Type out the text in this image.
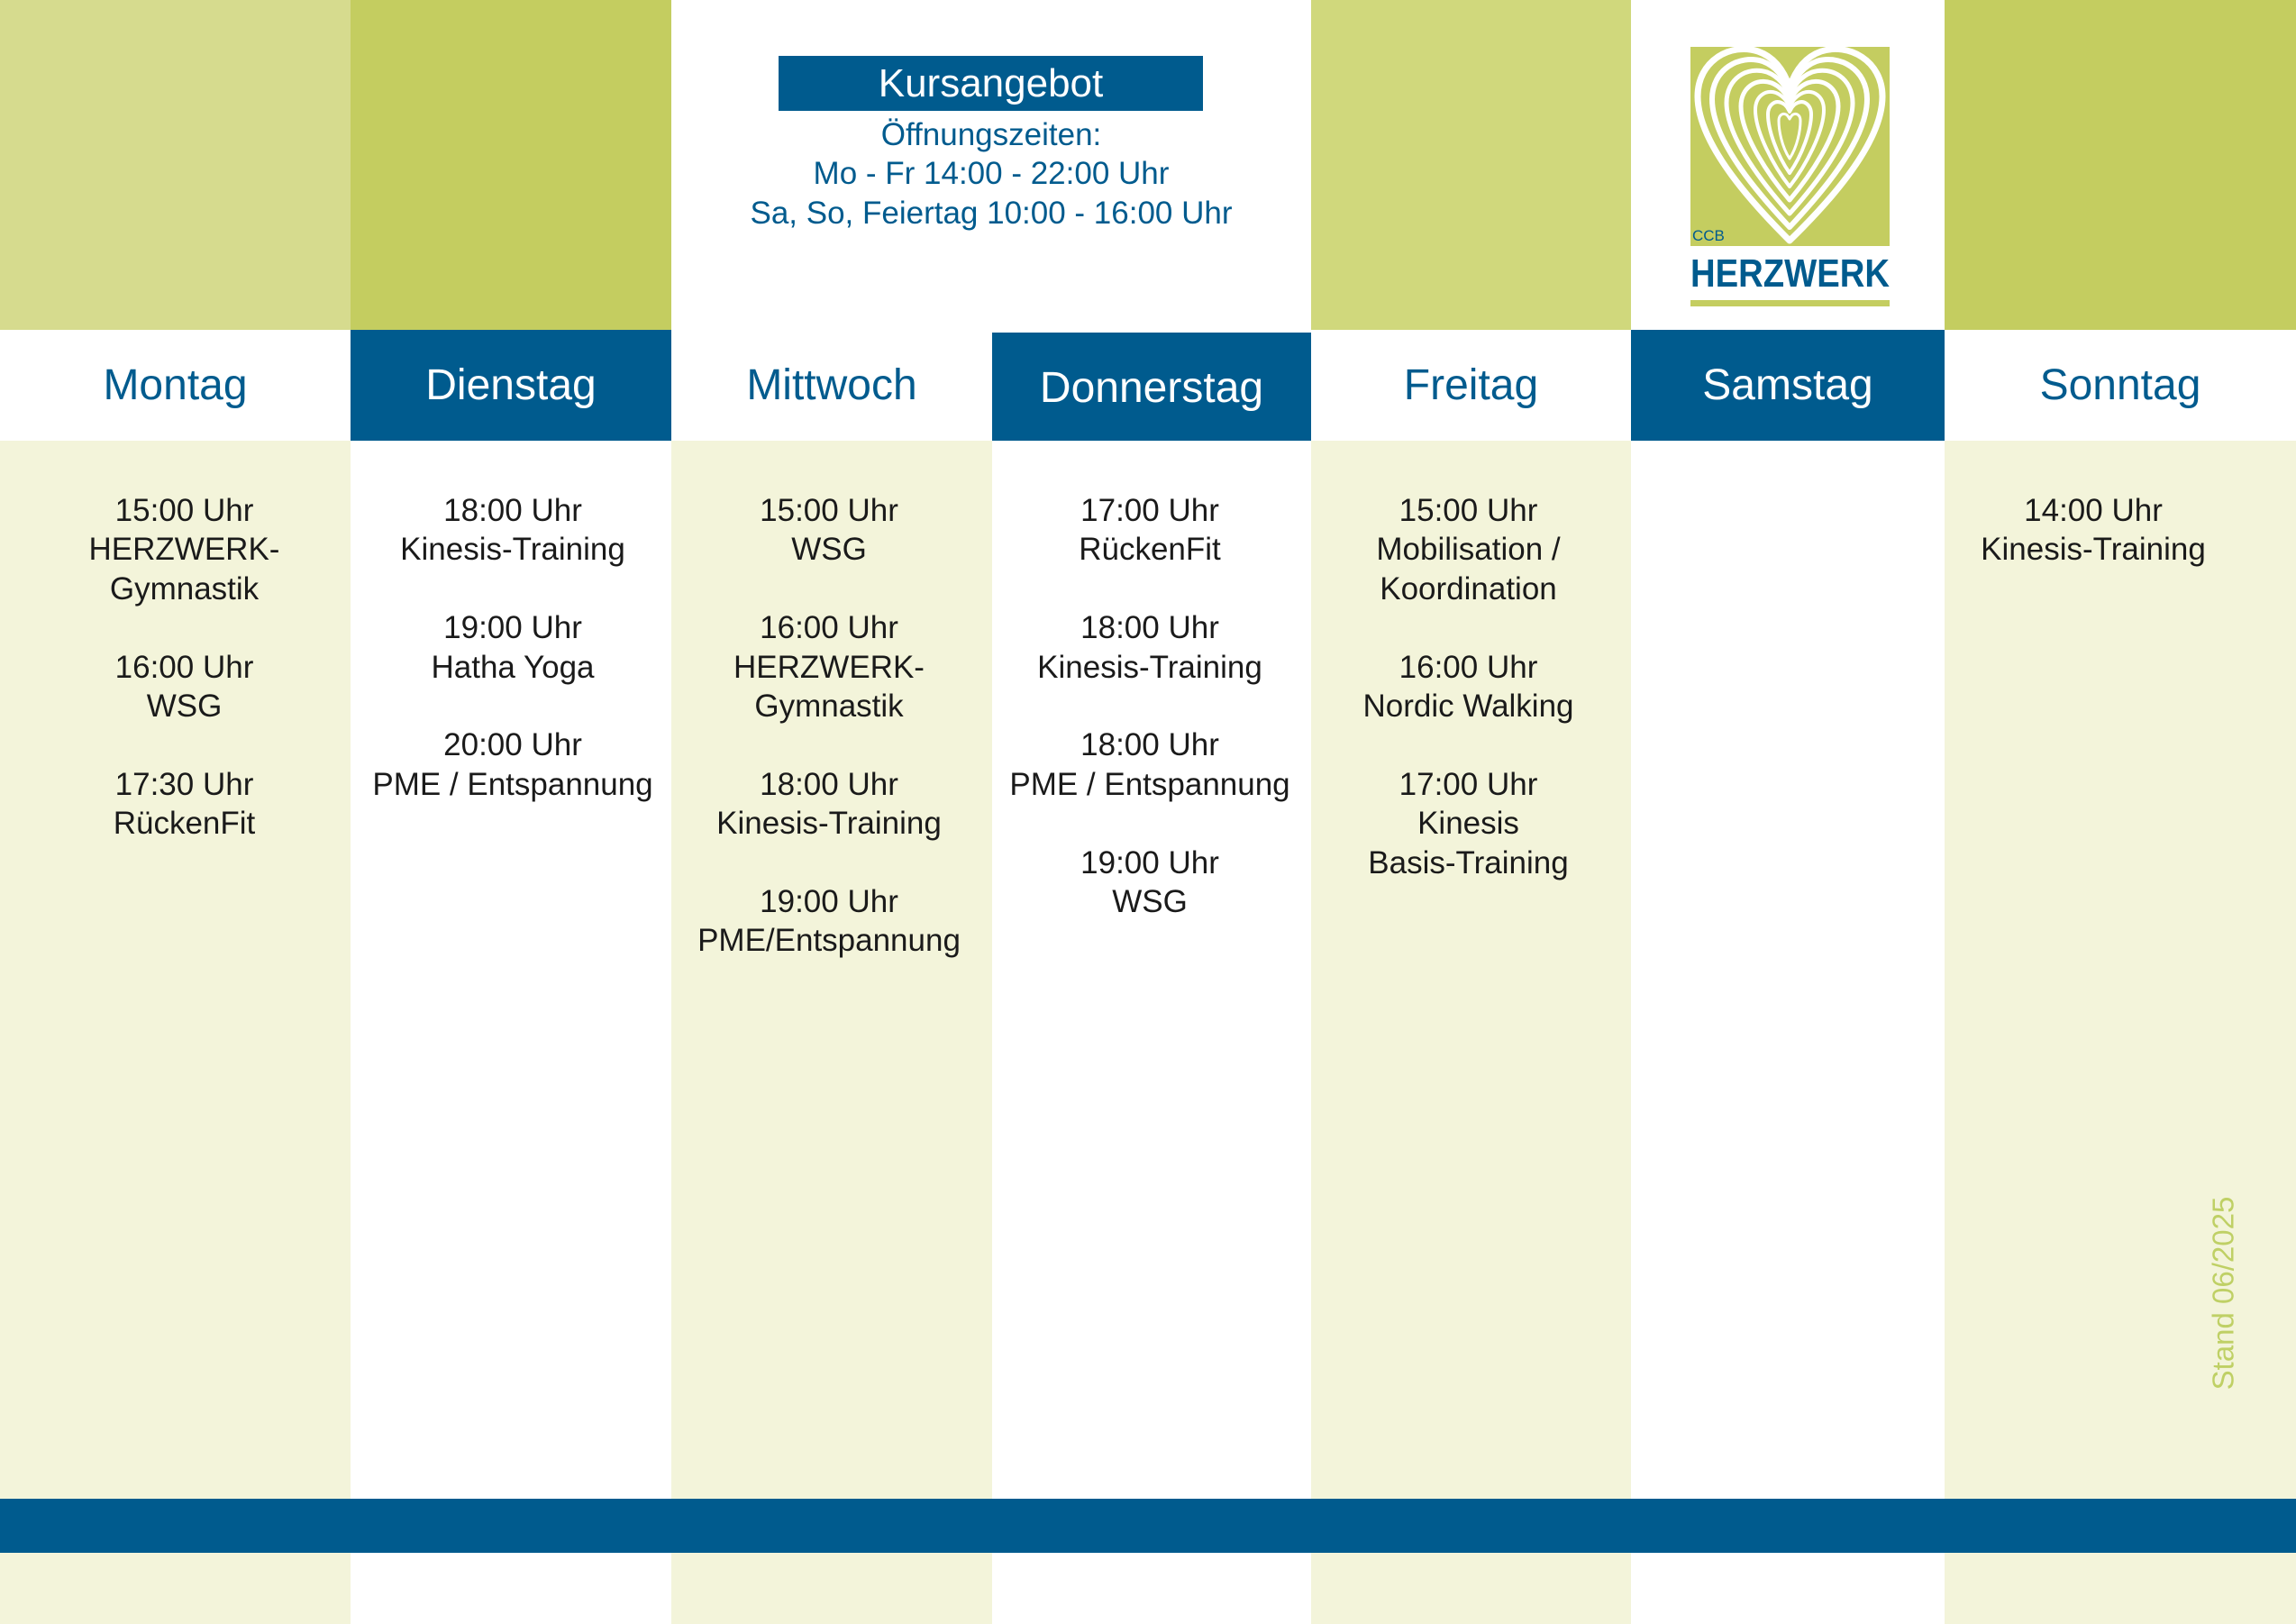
Montag
15:00 Uhr
HERZWERK-
Gymnastik
16:00 Uhr
WSG
17:30 Uhr
RückenFit
Dienstag
18:00 Uhr
Kinesis-Training
19:00 Uhr
Hatha Yoga
20:00 Uhr
PME / Entspannung
Mittwoch
15:00 Uhr
WSG
16:00 Uhr
HERZWERK-
Gymnastik
18:00 Uhr
Kinesis-Training
19:00 Uhr
PME/Entspannung
Donnerstag
17:00 Uhr
RückenFit
18:00 Uhr
Kinesis-Training
18:00 Uhr
PME / Entspannung
19:00 Uhr
WSG
Freitag
15:00 Uhr
Mobilisation /
Koordination
16:00 Uhr
Nordic Walking
17:00 Uhr
Kinesis
Basis-Training
Samstag	Sonntag
14:00 Uhr
Kinesis-Training
Kursangebot
Öffnungszeiten:
Mo - Fr 14:00 - 22:00 Uhr
Sa, So, Feiertag 10:00 - 16:00 Uhr
CCB
HERZWERK
Stand 06/2025
